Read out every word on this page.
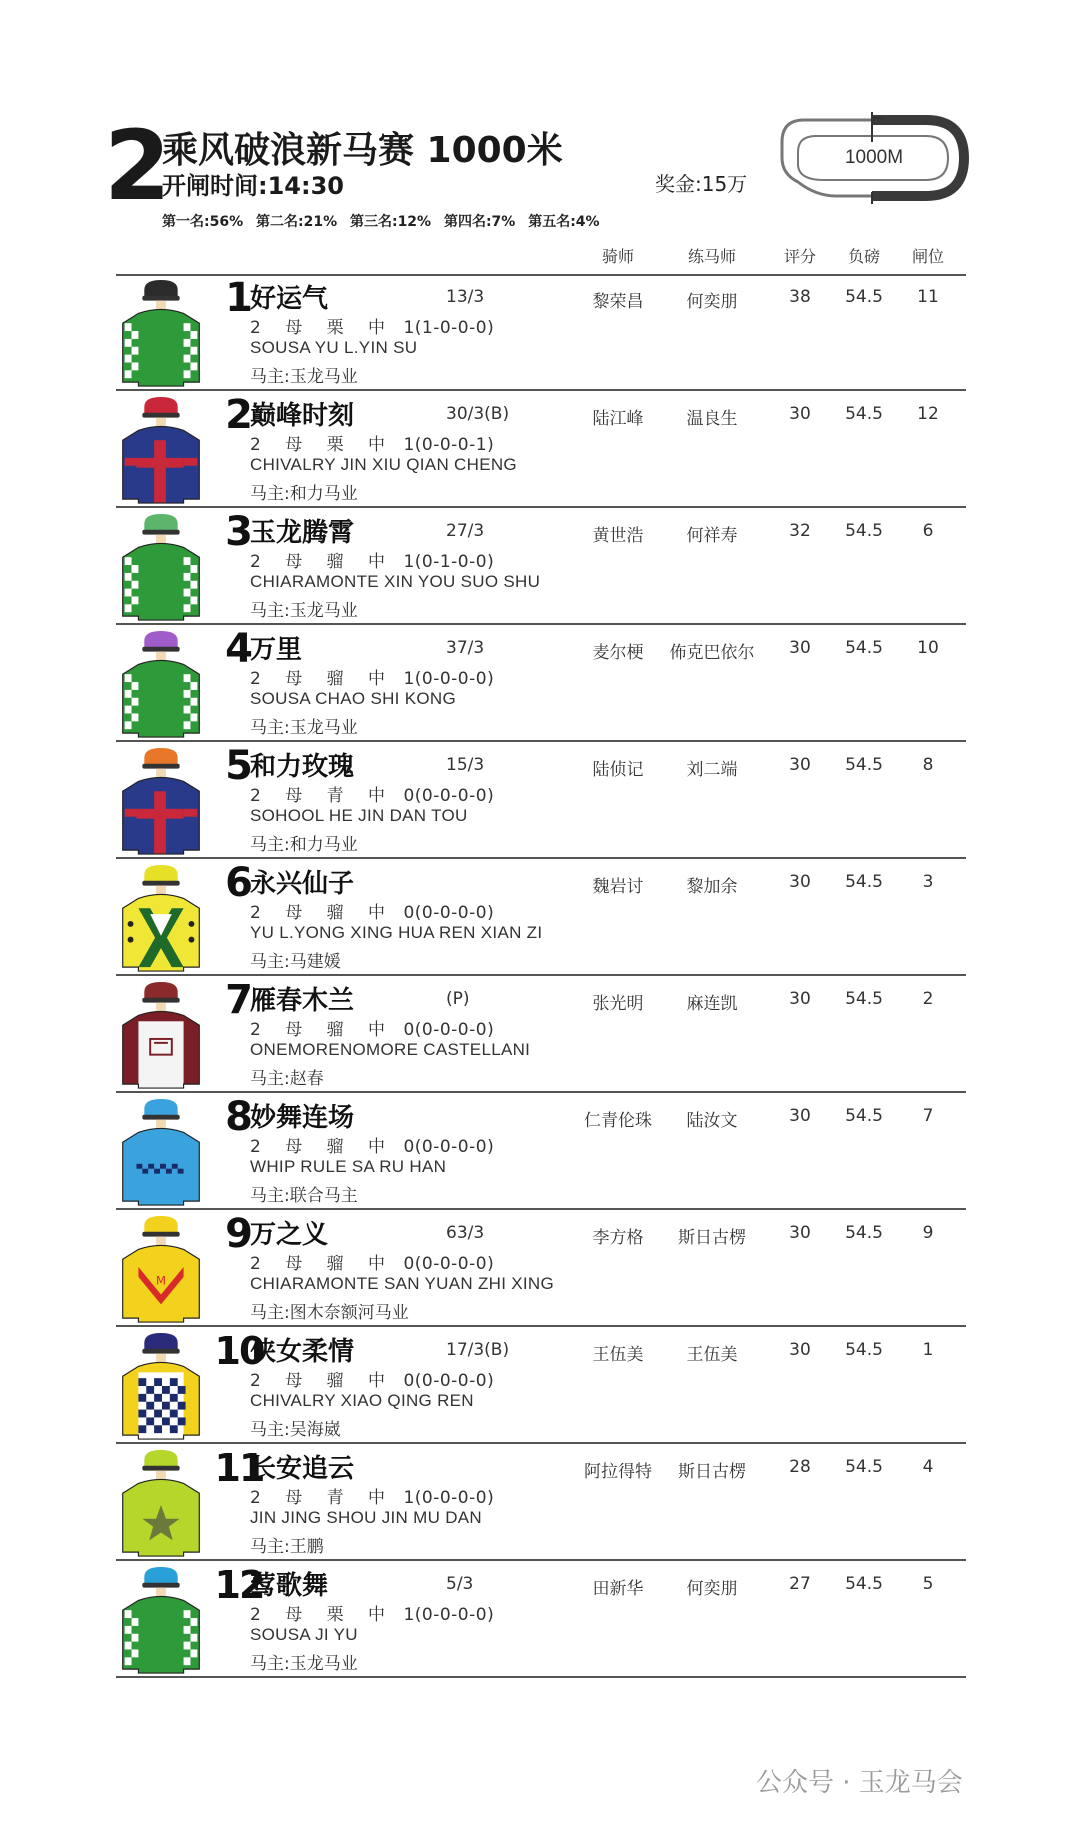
2
乘风破浪新马赛 1000米
开闸时间:14:30	奖金:15万
第一名:56% 第二名:21% 第三名:12% 第四名:7% 第五名:4%
1000M
骑师	练马师	评分 负磅 闸位
1
好运气	13/3
2 母 栗 中 1(1-0-0-0)
SOUSA YU L.YIN SU
马主:玉龙马业
黎荣昌	何奕朋	38 54.5 11
2
巅峰时刻	30/3(B)
2 母 栗 中 1(0-0-0-1)
CHIVALRY JIN XIU QIAN CHENG
马主:和力马业
陆江峰	温良生	30 54.5 12
3
玉龙腾霄	27/3
2 母 骝 中 1(0-1-0-0)
CHIARAMONTE XIN YOU SUO SHU
马主:玉龙马业
黄世浩	何祥寿	32 54.5 6
4
万里	37/3
2 母 骝 中 1(0-0-0-0)
SOUSA CHAO SHI KONG
马主:玉龙马业
麦尔梗 佈克巴依尔 30 54.5 10
5
和力玫瑰	15/3
2 母 青 中 0(0-0-0-0)
SOHOOL HE JIN DAN TOU
马主:和力马业
陆侦记	刘二端	30 54.5 8
6
永兴仙子
2 母 骝 中 0(0-0-0-0)
YU L.YONG XING HUA REN XIAN ZI
马主:马建媛
魏岩讨	黎加余	30 54.5 3
7
雁春木兰	(P)
2 母 骝 中 0(0-0-0-0)
ONEMORENOMORE CASTELLANI
马主:赵春
张光明	麻连凯	30 54.5 2
8
妙舞连场
2 母 骝 中 0(0-0-0-0)
WHIP RULE SA RU HAN
马主:联合马主
仁青伦珠 陆汝文	30 54.5 7
M
9
万之义	63/3
2 母 骝 中 0(0-0-0-0)
CHIARAMONTE SAN YUAN ZHI XING
马主:图木奈额河马业
李方格 斯日古楞	30 54.5 9
10
侠女柔情	17/3(B)
2 母 骝 中 0(0-0-0-0)
CHIVALRY XIAO QING REN
马主:吴海崴
王伍美	王伍美	30 54.5 1
11
长安追云
2 母 青 中 1(0-0-0-0)
JIN JING SHOU JIN MU DAN
马主:王鹏
阿拉得特 斯日古楞	28 54.5 4
12
莺歌舞	5/3
2 母 栗 中 1(0-0-0-0)
SOUSA JI YU
马主:玉龙马业
田新华	何奕朋	27 54.5 5
公众号 · 玉龙马会
